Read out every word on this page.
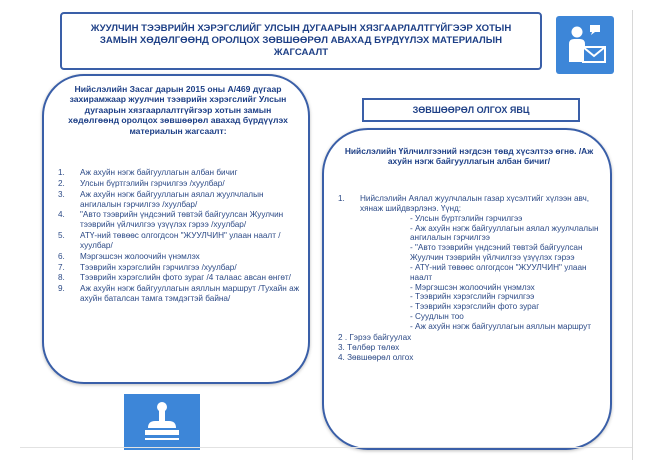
ЖУУЛЧИН ТЭЭВРИЙН ХЭРЭГСЛИЙГ УЛСЫН ДУГААРЫН ХЯЗГААРЛАЛТГҮЙГЭЭР ХОТЫН ЗАМЫН ХӨДӨЛГӨӨНД ОРОЛЦОХ ЗӨВШӨӨРӨЛ АВАХАД БҮРДҮҮЛЭХ МАТЕРИАЛЫН ЖАГСААЛТ
Нийслэлийн Засаг дарын 2015 оны А/469 дүгаар захирамжаар жуулчин тээврийн хэрэгслийг Улсын дугаарын хязгаарлалтгүйгээр хотын замын хөдөлгөөнд оролцох зөвшөөрөл авахад бүрдүүлэх материалын жагсаалт:
1.	Аж ахуйн нэгж байгууллагын албан бичиг
2.	Улсын бүртгэлийн гэрчилгээ /хуулбар/
3.	Аж ахуйн нэгж байгууллагын аялал жуулчлалын ангилалын гэрчилгээ /хуулбар/
4.	"Авто тээврийн үндсэний төвтэй байгуулсан Жуулчин тээврийн үйлчилгээ үзүүлэх гэрээ /хуулбар/
5.	АТҮ-ний төвөөс олгогдсон "ЖУУЛЧИН" улаан наалт /хуулбар/
6.	Мэргэшсэн жолоочийн үнэмлэх
7.	Тээврийн хэрэгслийн гэрчилгээ /хуулбар/
8.	Тээврийн хэрэгслийн фото зураг /4 талаас авсан өнгөт/
9.	Аж ахуйн нэгж байгууллагын аяллын маршрут /Тухайн аж ахуйн баталсан тамга тэмдэгтэй байна/
ЗӨВШӨӨРӨЛ ОЛГОХ ЯВЦ
Нийслэлийн Үйлчилгээний нэгдсэн төвд хүсэлтээ өгнө. /Аж ахуйн нэгж байгууллагын албан бичиг/
1.	Нийслэлийн Аялал жуулчлалын газар хүсэлтийг хүлээн авч, хянаж шийдвэрлэнэ. Үүнд:
- Улсын бүртгэлийн гэрчилгээ
- Аж ахуйн нэгж байгууллагын аялал жуулчлалын ангилалын гэрчилгээ
- "Авто тээврийн үндсэний төвтэй байгуулсан Жуулчин тээврийн үйлчилгээ үзүүлэх гэрээ
- АТҮ-ний төвөөс олгогдсон "ЖУУЛЧИН" улаан наалт
- Мэргэшсэн жолоочийн үнэмлэх
- Тээврийн хэрэгслийн гэрчилгээ
- Тээврийн хэрэгслийн фото зураг
- Суудлын тоо
- Аж ахуйн нэгж байгууллагын аяллын маршрут
2 . Гэрээ байгуулах
3. Төлбөр төлөх
4. Зөвшөөрөл олгох
